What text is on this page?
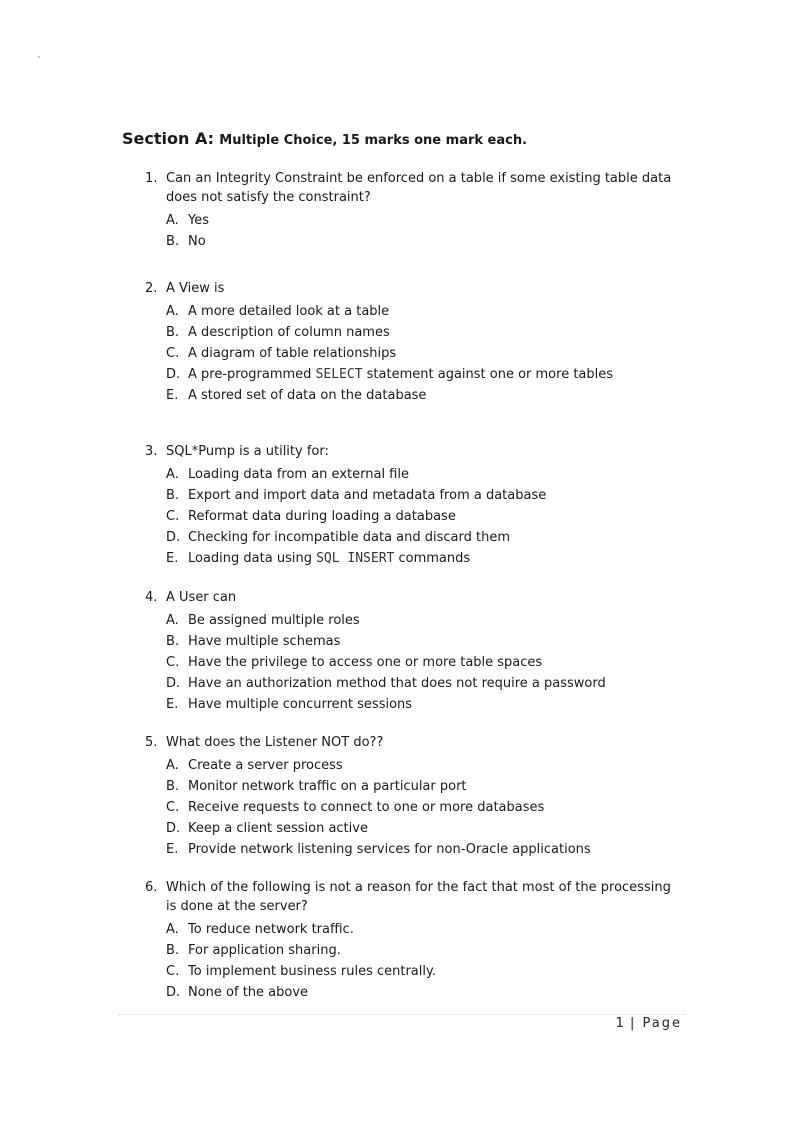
Section A: Multiple Choice, 15 marks one mark each.
1. Can an Integrity Constraint be enforced on a table if some existing table data does not satisfy the constraint?
A. Yes
B. No
2. A View is
A. A more detailed look at a table
B. A description of column names
C. A diagram of table relationships
D. A pre-programmed SELECT statement against one or more tables
E. A stored set of data on the database
3. SQL*Pump is a utility for:
A. Loading data from an external file
B. Export and import data and metadata from a database
C. Reformat data during loading a database
D. Checking for incompatible data and discard them
E. Loading data using SQL INSERT commands
4. A User can
A. Be assigned multiple roles
B. Have multiple schemas
C. Have the privilege to access one or more table spaces
D. Have an authorization method that does not require a password
E. Have multiple concurrent sessions
5. What does the Listener NOT do??
A. Create a server process
B. Monitor network traffic on a particular port
C. Receive requests to connect to one or more databases
D. Keep a client session active
E. Provide network listening services for non-Oracle applications
6. Which of the following is not a reason for the fact that most of the processing is done at the server?
A. To reduce network traffic.
B. For application sharing.
C. To implement business rules centrally.
D. None of the above
1 | Page
